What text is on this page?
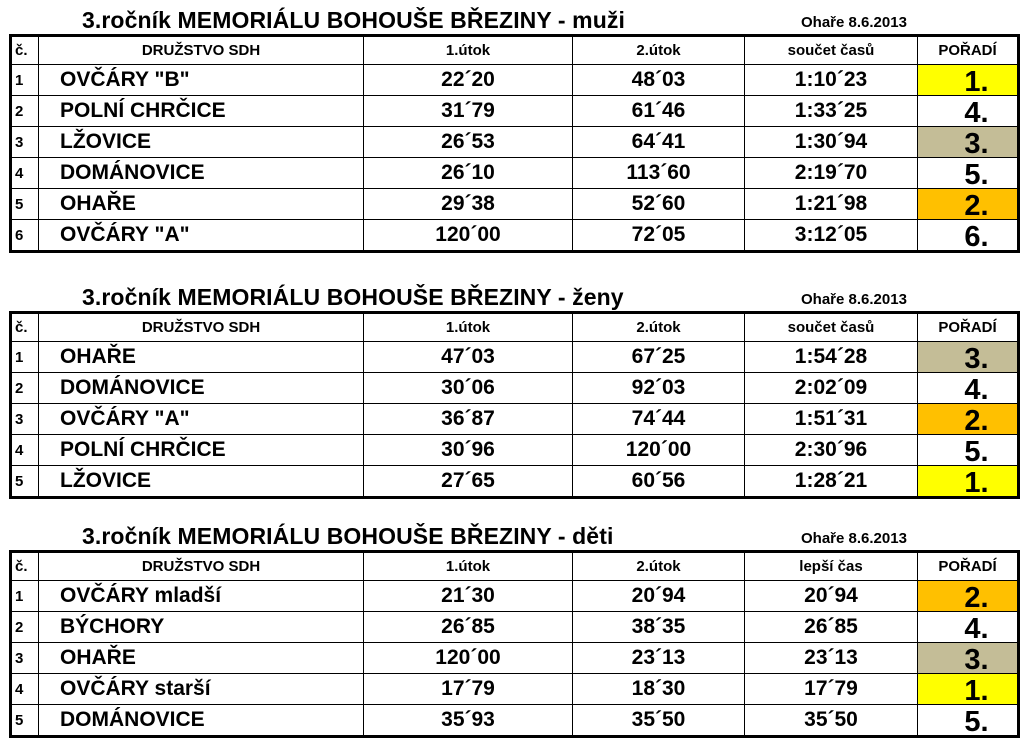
3.ročník MEMORIÁLU BOHOUŠE BŘEZINY - muži	Ohaře 8.6.2013
č.	DRUŽSTVO SDH	1.útok	2.útok	součet časů	POŘADÍ
1	OVČÁRY "B"	22´20	48´03	1:10´23	1.
2	POLNÍ CHRČICE	31´79	61´46	1:33´25	4.
3	LŽOVICE	26´53	64´41	1:30´94	3.
4	DOMÁNOVICE	26´10	113´60	2:19´70	5.
5	OHAŘE	29´38	52´60	1:21´98	2.
6	OVČÁRY "A"	120´00	72´05	3:12´05	6.
3.ročník MEMORIÁLU BOHOUŠE BŘEZINY - ženy	Ohaře 8.6.2013
č.	DRUŽSTVO SDH	1.útok	2.útok	součet časů	POŘADÍ
1	OHAŘE	47´03	67´25	1:54´28	3.
2	DOMÁNOVICE	30´06	92´03	2:02´09	4.
3	OVČÁRY "A"	36´87	74´44	1:51´31	2.
4	POLNÍ CHRČICE	30´96	120´00	2:30´96	5.
5	LŽOVICE	27´65	60´56	1:28´21	1.
3.ročník MEMORIÁLU BOHOUŠE BŘEZINY - děti	Ohaře 8.6.2013
č.	DRUŽSTVO SDH	1.útok	2.útok	lepší čas	POŘADÍ
1	OVČÁRY mladší	21´30	20´94	20´94	2.
2	BÝCHORY	26´85	38´35	26´85	4.
3	OHAŘE	120´00	23´13	23´13	3.
4	OVČÁRY starší	17´79	18´30	17´79	1.
5	DOMÁNOVICE	35´93	35´50	35´50	5.
